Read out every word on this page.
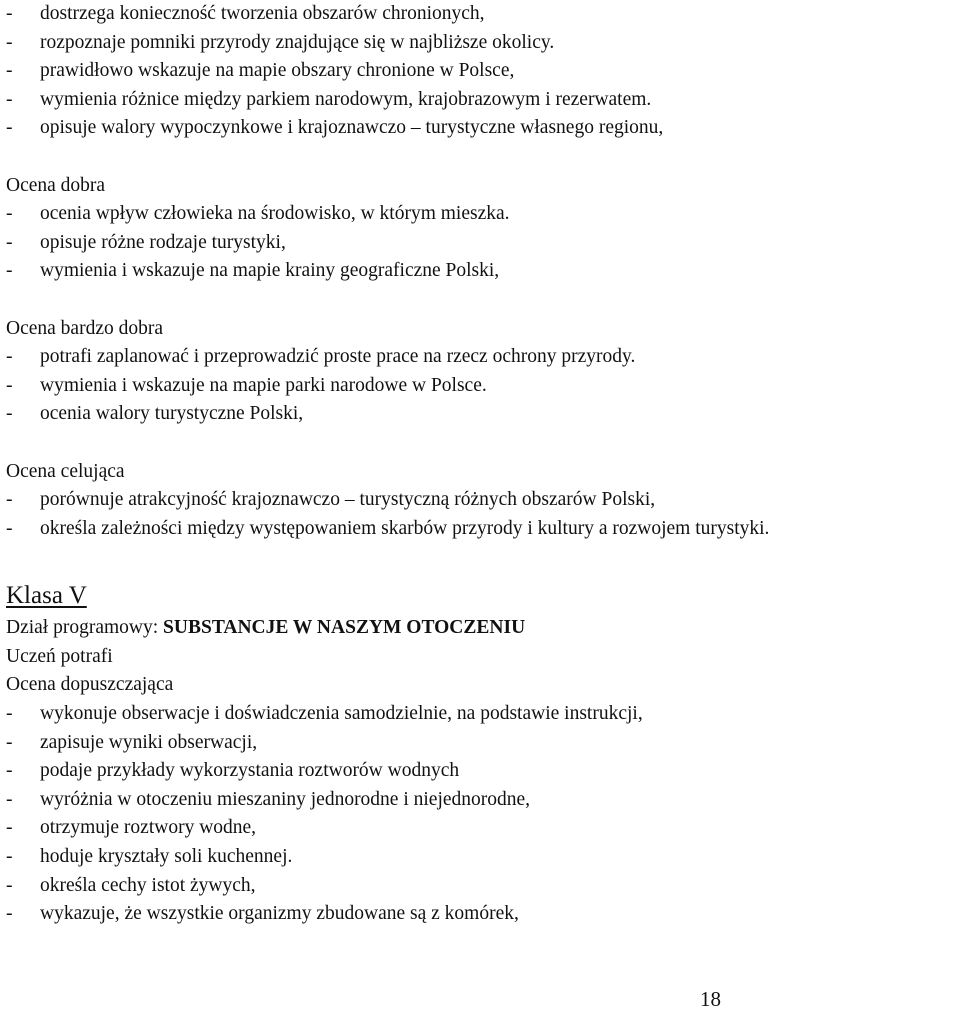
- dostrzega konieczność tworzenia obszarów chronionych,
- rozpoznaje pomniki przyrody znajdujące się w najbliższe okolicy.
- prawidłowo wskazuje na mapie obszary chronione w Polsce,
- wymienia różnice między parkiem narodowym, krajobrazowym i rezerwatem.
- opisuje walory wypoczynkowe i krajoznawczo – turystyczne własnego regionu,
Ocena dobra
- ocenia wpływ człowieka na środowisko, w którym mieszka.
- opisuje różne rodzaje turystyki,
- wymienia i wskazuje na mapie krainy geograficzne Polski,
Ocena bardzo dobra
- potrafi zaplanować i przeprowadzić proste prace na rzecz ochrony przyrody.
- wymienia i wskazuje na mapie parki narodowe w Polsce.
- ocenia walory turystyczne Polski,
Ocena celująca
- porównuje atrakcyjność krajoznawczo – turystyczną różnych obszarów Polski,
- określa zależności między występowaniem skarbów przyrody i kultury a rozwojem turystyki.
Klasa V
Dział programowy: SUBSTANCJE W NASZYM OTOCZENIU
Uczeń potrafi
Ocena dopuszczająca
- wykonuje obserwacje i doświadczenia samodzielnie, na podstawie instrukcji,
- zapisuje wyniki obserwacji,
- podaje przykłady wykorzystania roztworów wodnych
- wyróżnia w otoczeniu mieszaniny jednorodne i niejednorodne,
- otrzymuje roztwory wodne,
- hoduje kryształy soli kuchennej.
- określa cechy istot żywych,
- wykazuje, że wszystkie organizmy zbudowane są z komórek,
18
